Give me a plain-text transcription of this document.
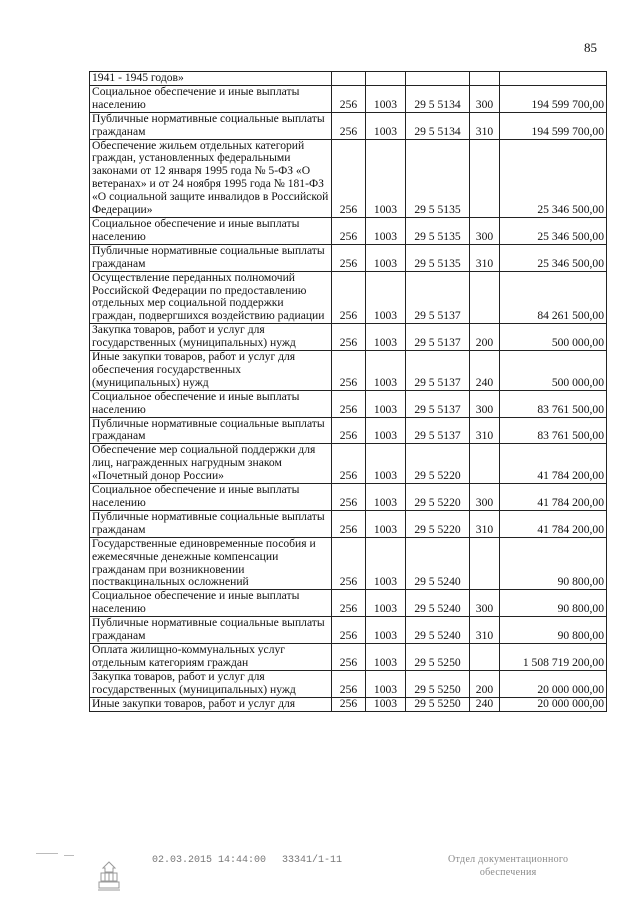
85
1941 - 1945 годов»					
Социальное обеспечение и иные выплаты населению	256	1003	29 5 5134	300	194 599 700,00
Публичные нормативные социальные выплаты гражданам	256	1003	29 5 5134	310	194 599 700,00
Обеспечение жильем отдельных категорий граждан, установленных федеральными законами от 12 января 1995 года № 5-ФЗ «О ветеранах» и от 24 ноября 1995 года № 181-ФЗ «О социальной защите инвалидов в Российской Федерации»	256	1003	29 5 5135		25 346 500,00
Социальное обеспечение и иные выплаты населению	256	1003	29 5 5135	300	25 346 500,00
Публичные нормативные социальные выплаты гражданам	256	1003	29 5 5135	310	25 346 500,00
Осуществление переданных полномочий Российской Федерации по предоставлению отдельных мер социальной поддержки граждан, подвергшихся воздействию радиации	256	1003	29 5 5137		84 261 500,00
Закупка товаров, работ и услуг для государственных (муниципальных) нужд	256	1003	29 5 5137	200	500 000,00
Иные закупки товаров, работ и услуг для обеспечения государственных (муниципальных) нужд	256	1003	29 5 5137	240	500 000,00
Социальное обеспечение и иные выплаты населению	256	1003	29 5 5137	300	83 761 500,00
Публичные нормативные социальные выплаты гражданам	256	1003	29 5 5137	310	83 761 500,00
Обеспечение мер социальной поддержки для лиц, награжденных нагрудным знаком «Почетный донор России»	256	1003	29 5 5220		41 784 200,00
Социальное обеспечение и иные выплаты населению	256	1003	29 5 5220	300	41 784 200,00
Публичные нормативные социальные выплаты гражданам	256	1003	29 5 5220	310	41 784 200,00
Государственные единовременные пособия и ежемесячные денежные компенсации гражданам при возникновении поствакцинальных осложнений	256	1003	29 5 5240		90 800,00
Социальное обеспечение и иные выплаты населению	256	1003	29 5 5240	300	90 800,00
Публичные нормативные социальные выплаты гражданам	256	1003	29 5 5240	310	90 800,00
Оплата жилищно-коммунальных услуг отдельным категориям граждан	256	1003	29 5 5250		1 508 719 200,00
Закупка товаров, работ и услуг для государственных (муниципальных) нужд	256	1003	29 5 5250	200	20 000 000,00
Иные закупки товаров, работ и услуг для	256	1003	29 5 5250	240	20 000 000,00
02.03.2015 14:44:00 33341/1-11	Отдел документационного
обеспечения
